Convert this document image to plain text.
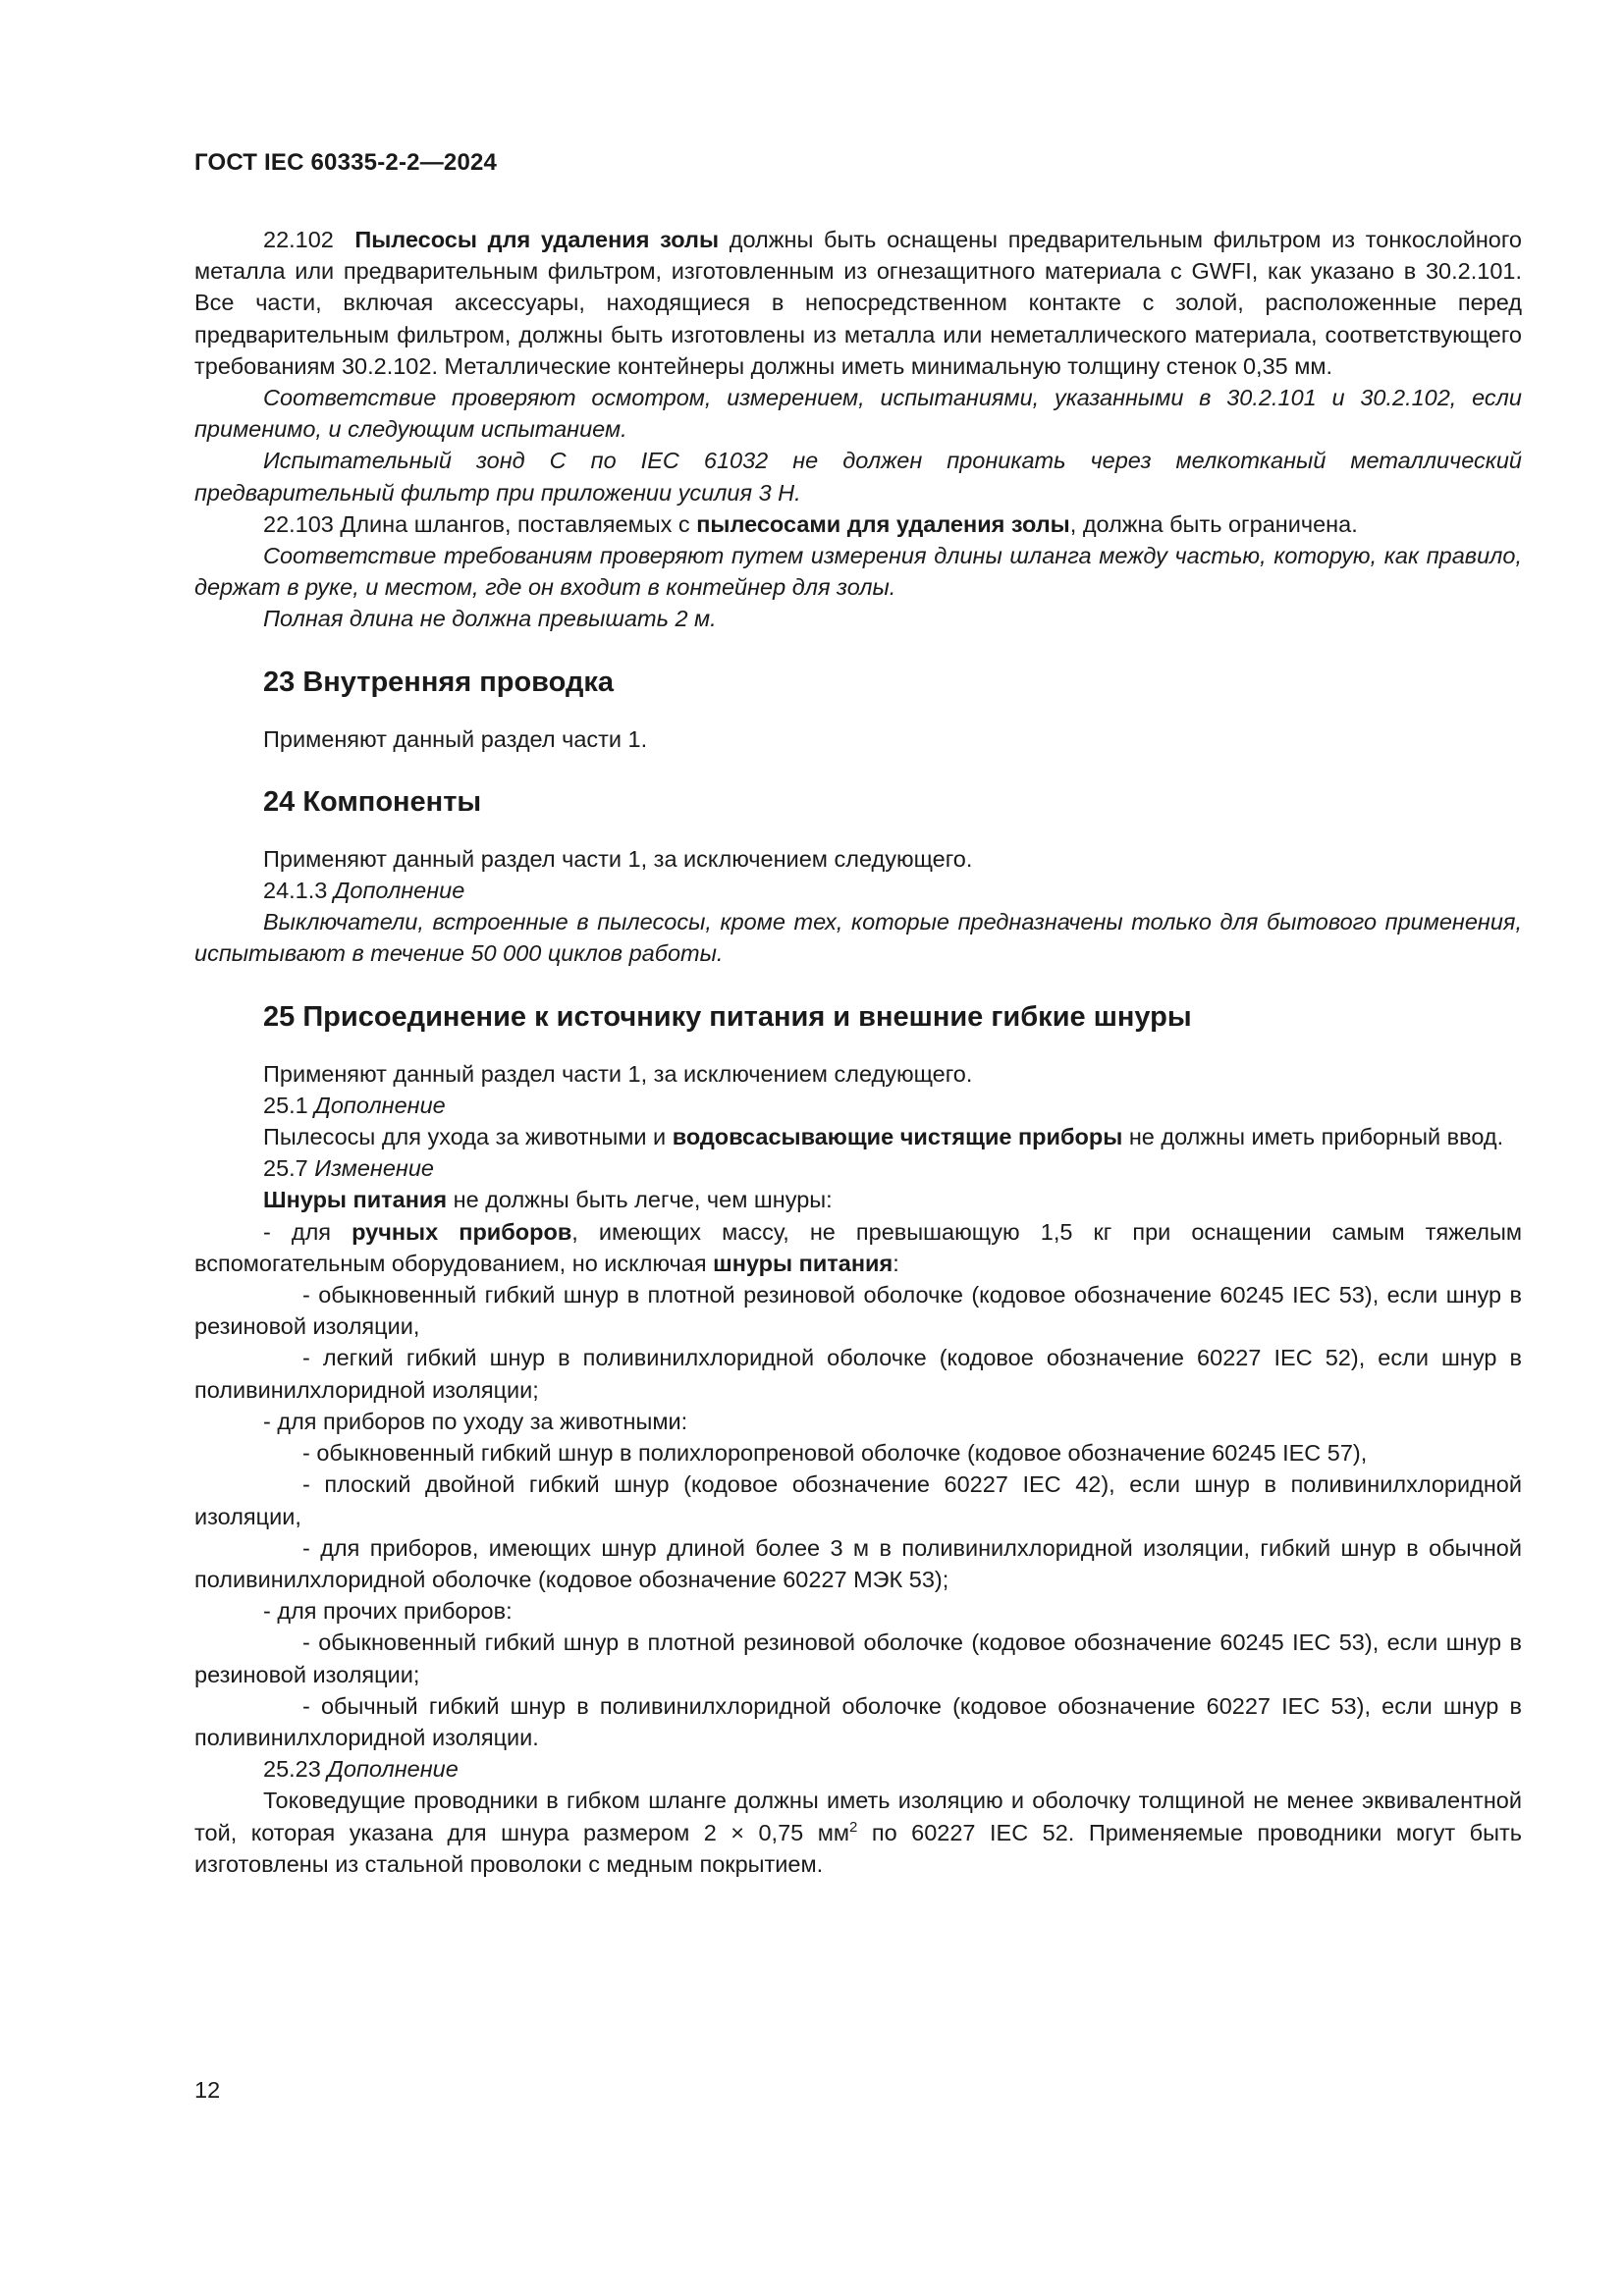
ГОСТ IEC 60335-2-2—2024

22.102 Пылесосы для удаления золы должны быть оснащены предварительным фильтром из тонкослойного металла или предварительным фильтром, изготовленным из огнезащитного материала с GWFI, как указано в 30.2.101. Все части, включая аксессуары, находящиеся в непосредственном контакте с золой, расположенные перед предварительным фильтром, должны быть изготовлены из металла или неметаллического материала, соответствующего требованиям 30.2.102. Металлические контейнеры должны иметь минимальную толщину стенок 0,35 мм.

Соответствие проверяют осмотром, измерением, испытаниями, указанными в 30.2.101 и 30.2.102, если применимо, и следующим испытанием.

Испытательный зонд С по IEC 61032 не должен проникать через мелкотканый металлический предварительный фильтр при приложении усилия 3 Н.

22.103 Длина шлангов, поставляемых с пылесосами для удаления золы, должна быть ограничена.

Соответствие требованиям проверяют путем измерения длины шланга между частью, которую, как правило, держат в руке, и местом, где он входит в контейнер для золы.

Полная длина не должна превышать 2 м.

23 Внутренняя проводка

Применяют данный раздел части 1.

24 Компоненты

Применяют данный раздел части 1, за исключением следующего.

24.1.3 Дополнение

Выключатели, встроенные в пылесосы, кроме тех, которые предназначены только для бытового применения, испытывают в течение 50 000 циклов работы.

25 Присоединение к источнику питания и внешние гибкие шнуры

Применяют данный раздел части 1, за исключением следующего.

25.1 Дополнение

Пылесосы для ухода за животными и водовсасывающие чистящие приборы не должны иметь приборный ввод.

25.7 Изменение

Шнуры питания не должны быть легче, чем шнуры:

- для ручных приборов, имеющих массу, не превышающую 1,5 кг при оснащении самым тяжелым вспомогательным оборудованием, но исключая шнуры питания:

- обыкновенный гибкий шнур в плотной резиновой оболочке (кодовое обозначение 60245 IEC 53), если шнур в резиновой изоляции,

- легкий гибкий шнур в поливинилхлоридной оболочке (кодовое обозначение 60227 IEC 52), если шнур в поливинилхлоридной изоляции;

- для приборов по уходу за животными:

- обыкновенный гибкий шнур в полихлоропреновой оболочке (кодовое обозначение 60245 IEC 57),

- плоский двойной гибкий шнур (кодовое обозначение 60227 IEC 42), если шнур в поливинилхлоридной изоляции,

- для приборов, имеющих шнур длиной более 3 м в поливинилхлоридной изоляции, гибкий шнур в обычной поливинилхлоридной оболочке (кодовое обозначение 60227 МЭК 53);

- для прочих приборов:

- обыкновенный гибкий шнур в плотной резиновой оболочке (кодовое обозначение 60245 IEC 53), если шнур в резиновой изоляции;

- обычный гибкий шнур в поливинилхлоридной оболочке (кодовое обозначение 60227 IEC 53), если шнур в поливинилхлоридной изоляции.

25.23 Дополнение

Токоведущие проводники в гибком шланге должны иметь изоляцию и оболочку толщиной не менее эквивалентной той, которая указана для шнура размером 2 × 0,75 $мм^2$ по 60227 IEC 52. Применяемые проводники могут быть изготовлены из стальной проволоки с медным покрытием.

12
